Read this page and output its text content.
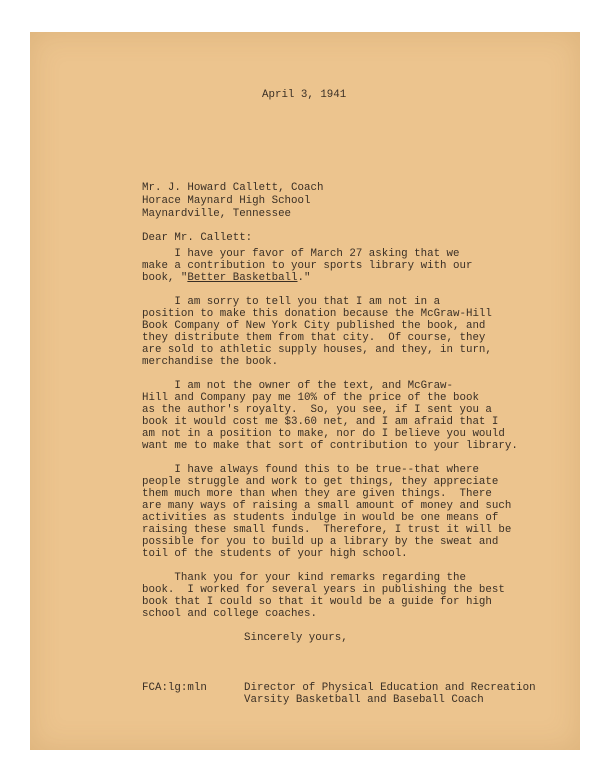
April 3, 1941
Mr. J. Howard Callett, Coach
Horace Maynard High School
Maynardville, Tennessee
Dear Mr. Callett:
I have your favor of March 27 asking that we
make a contribution to your sports library with our
book, "Better Basketball."
I am sorry to tell you that I am not in a
position to make this donation because the McGraw-Hill
Book Company of New York City published the book, and
they distribute them from that city.  Of course, they
are sold to athletic supply houses, and they, in turn,
merchandise the book.
I am not the owner of the text, and McGraw-
Hill and Company pay me 10% of the price of the book
as the author's royalty.  So, you see, if I sent you a
book it would cost me $3.60 net, and I am afraid that I
am not in a position to make, nor do I believe you would
want me to make that sort of contribution to your library.
I have always found this to be true--that where
people struggle and work to get things, they appreciate
them much more than when they are given things.  There
are many ways of raising a small amount of money and such
activities as students indulge in would be one means of
raising these small funds.  Therefore, I trust it will be
possible for you to build up a library by the sweat and
toil of the students of your high school.
Thank you for your kind remarks regarding the
book.  I worked for several years in publishing the best
book that I could so that it would be a guide for high
school and college coaches.
Sincerely yours,
FCA:lg:mln	Director of Physical Education and Recreation
Varsity Basketball and Baseball Coach
